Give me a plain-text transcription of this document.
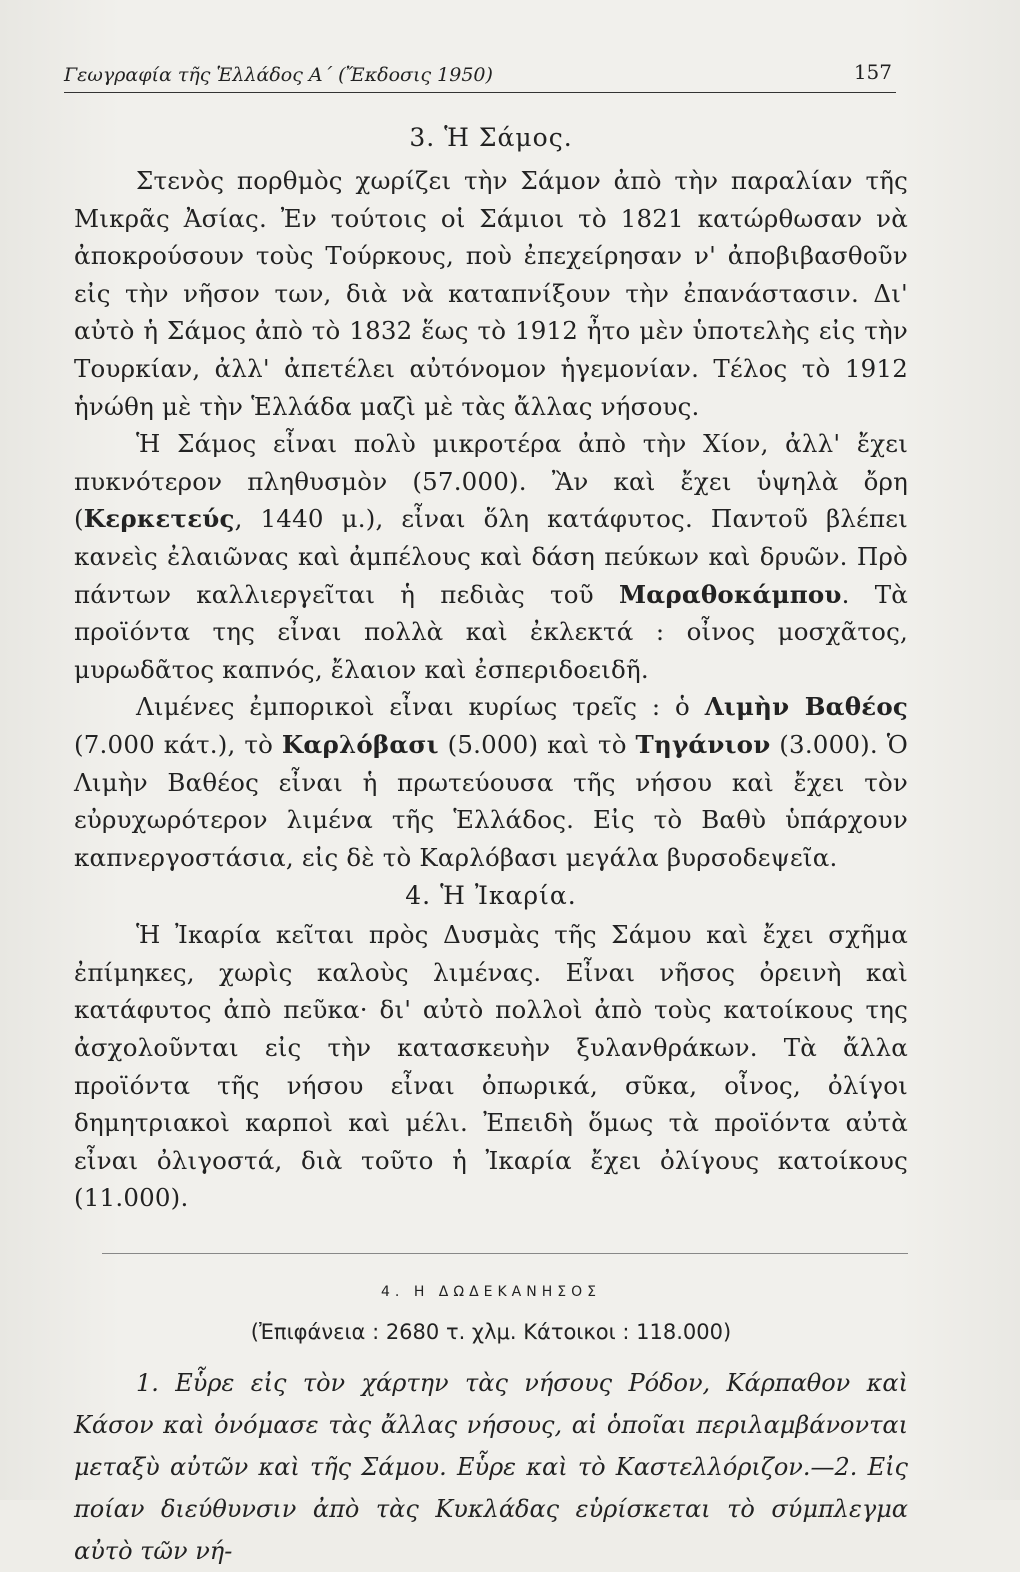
Γεωγραφία τῆς Ἑλλάδος Α΄ (Ἔκδοσις 1950)	157
3. Ἡ Σάμος.

Στενὸς πορθμὸς χωρίζει τὴν Σάμον ἀπὸ τὴν παραλίαν τῆς Μικρᾶς Ἀσίας. Ἐν τούτοις οἱ Σάμιοι τὸ 1821 κατώρθωσαν νὰ ἀποκρούσουν τοὺς Τούρκους, ποὺ ἐπεχείρησαν ν' ἀποβιβασθοῦν εἰς τὴν νῆσον των, διὰ νὰ καταπνίξουν τὴν ἐπανάστασιν. Δι' αὐτὸ ἡ Σάμος ἀπὸ τὸ 1832 ἕως τὸ 1912 ἦτο μὲν ὑποτελὴς εἰς τὴν Τουρκίαν, ἀλλ' ἀπετέλει αὐτόνομον ἡγεμονίαν. Τέλος τὸ 1912 ἡνώθη μὲ τὴν Ἑλλάδα μαζὶ μὲ τὰς ἄλλας νήσους.

Ἡ Σάμος εἶναι πολὺ μικροτέρα ἀπὸ τὴν Χίον, ἀλλ' ἔχει πυκνότερον πληθυσμὸν (57.000). Ἂν καὶ ἔχει ὑψηλὰ ὄρη (Κερκετεύς, 1440 μ.), εἶναι ὅλη κατάφυτος. Παντοῦ βλέπει κανεὶς ἐλαιῶνας καὶ ἀμπέλους καὶ δάση πεύκων καὶ δρυῶν. Πρὸ πάντων καλλιεργεῖται ἡ πεδιὰς τοῦ Μαραθοκάμπου. Τὰ προϊόντα της εἶναι πολλὰ καὶ ἐκλεκτά : οἶνος μοσχᾶτος, μυρωδᾶτος καπνός, ἔλαιον καὶ ἐσπεριδοειδῆ.

Λιμένες ἐμπορικοὶ εἶναι κυρίως τρεῖς : ὁ Λιμὴν Βαθέος (7.000 κάτ.), τὸ Καρλόβασι (5.000) καὶ τὸ Τηγάνιον (3.000). Ὁ Λιμὴν Βαθέος εἶναι ἡ πρωτεύουσα τῆς νήσου καὶ ἔχει τὸν εὐρυχωρότερον λιμένα τῆς Ἑλλάδος. Εἰς τὸ Βαθὺ ὑπάρχουν καπνεργοστάσια, εἰς δὲ τὸ Καρλόβασι μεγάλα βυρσοδεψεῖα.

4. Ἡ Ἰκαρία.

Ἡ Ἰκαρία κεῖται πρὸς Δυσμὰς τῆς Σάμου καὶ ἔχει σχῆμα ἐπίμηκες, χωρὶς καλοὺς λιμένας. Εἶναι νῆσος ὀρεινὴ καὶ κατάφυτος ἀπὸ πεῦκα· δι' αὐτὸ πολλοὶ ἀπὸ τοὺς κατοίκους της ἀσχολοῦνται εἰς τὴν κατασκευὴν ξυλανθράκων. Τὰ ἄλλα προϊόντα τῆς νήσου εἶναι ὀπωρικά, σῦκα, οἶνος, ὀλίγοι δημητριακοὶ καρποὶ καὶ μέλι. Ἐπειδὴ ὅμως τὰ προϊόντα αὐτὰ εἶναι ὀλιγοστά, διὰ τοῦτο ἡ Ἰκαρία ἔχει ὀλίγους κατοίκους (11.000).

4. Η ΔΩΔΕΚΑΝΗΣΟΣ
(Ἐπιφάνεια : 2680 τ. χλμ. Κάτοικοι : 118.000)

1. Εὗρε εἰς τὸν χάρτην τὰς νήσους Ρόδον, Κάρπαθον καὶ Κάσον καὶ ὀνόμασε τὰς ἄλλας νήσους, αἱ ὁποῖαι περιλαμβάνονται μεταξὺ αὐτῶν καὶ τῆς Σάμου. Εὗρε καὶ τὸ Καστελλόριζον.—2. Εἰς ποίαν διεύθυνσιν ἀπὸ τὰς Κυκλάδας εὑρίσκεται τὸ σύμπλεγμα αὐτὸ τῶν νή-
